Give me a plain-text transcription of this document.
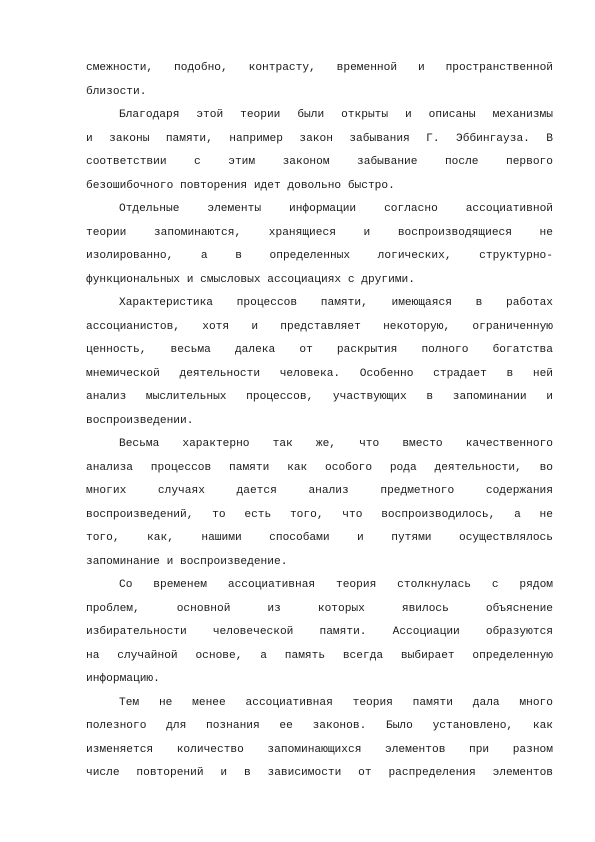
смежности, подобно, контрасту, временной и пространственной
близости.
Благодаря этой теории были открыты и описаны механизмы
и законы памяти, например закон забывания Г. Эббингауза. В
соответствии с этим законом забывание после первого
безошибочного повторения идет довольно быстро.
Отдельные элементы информации согласно ассоциативной
теории запоминаются, хранящиеся и воспроизводящиеся не
изолированно, а в определенных логических, структурно-
функциональных и смысловых ассоциациях с другими.
Характеристика процессов памяти, имеющаяся в работах
ассоцианистов, хотя и представляет некоторую, ограниченную
ценность, весьма далека от раскрытия полного богатства
мнемической деятельности человека. Особенно страдает в ней
анализ мыслительных процессов, участвующих в запоминании и
воспроизведении.
Весьма характерно так же, что вместо качественного
анализа процессов памяти как особого рода деятельности, во
многих случаях дается анализ предметного содержания
воспроизведений, то есть того, что воспроизводилось, а не
того, как, нашими способами и путями осуществлялось
запоминание и воспроизведение.
Со временем ассоциативная теория столкнулась с рядом
проблем, основной из которых явилось объяснение
избирательности человеческой памяти. Ассоциации образуются
на случайной основе, а память всегда выбирает определенную
информацию.
Тем не менее ассоциативная теория памяти дала много
полезного для познания ее законов. Было установлено, как
изменяется количество запоминающихся элементов при разном
числе повторений и в зависимости от распределения элементов
